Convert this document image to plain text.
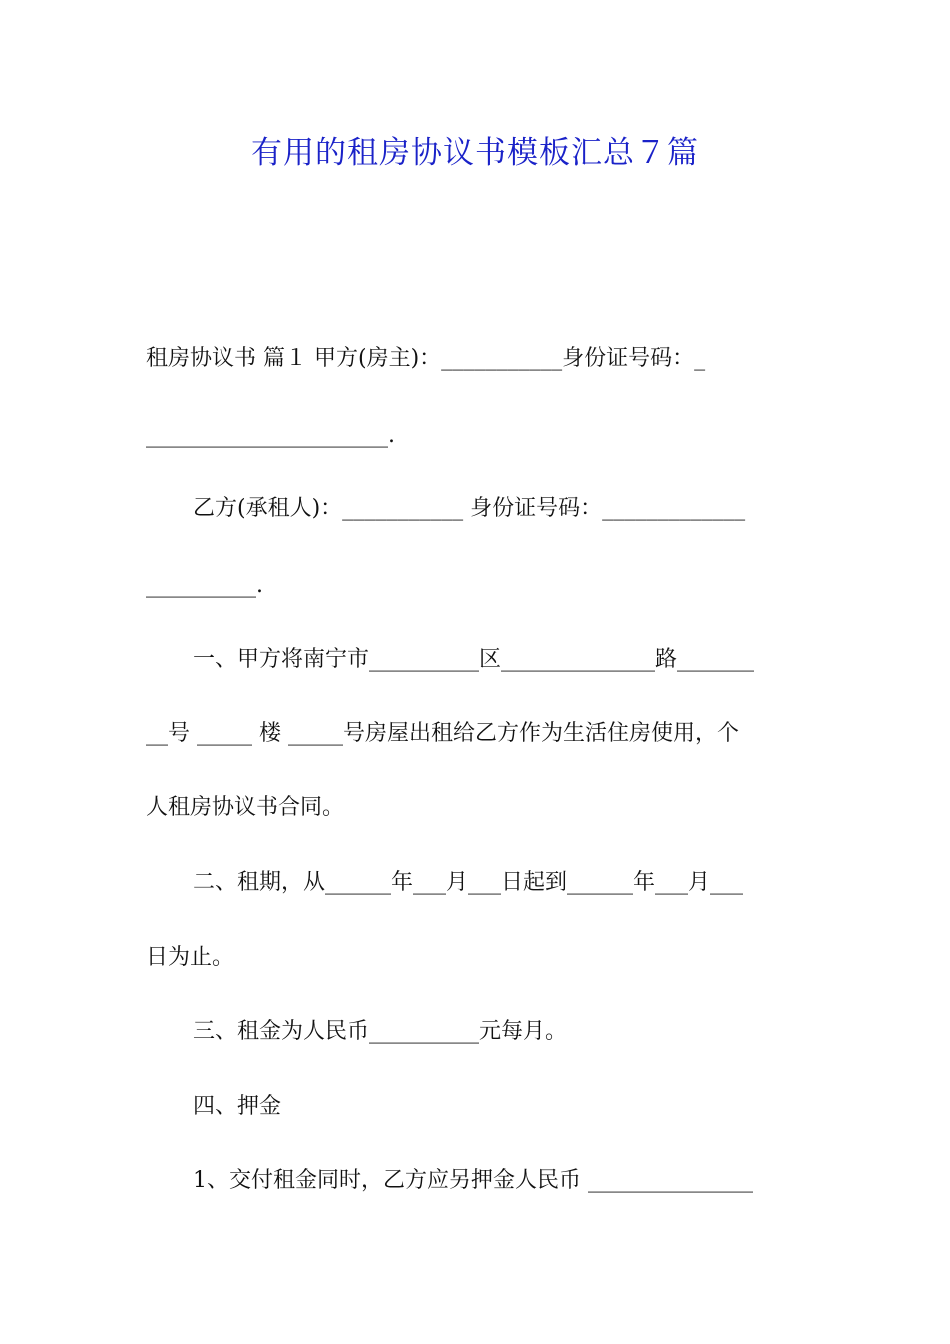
有用的租房协议书模板汇总７篇
租房协议书 篇１ 甲方(房主)：___________身份证号码：_
______________________.
乙方(承租人)：___________ 身份证号码：_____________
__________.
一、甲方将南宁市__________区______________路_______
__号 _____ 楼 _____号房屋出租给乙方作为生活住房使用，个
人租房协议书合同。
二、租期，从______年___月___日起到______年___月___
日为止。
三、租金为人民币__________元每月。
四、押金
1、交付租金同时，乙方应另押金人民币 _______________
